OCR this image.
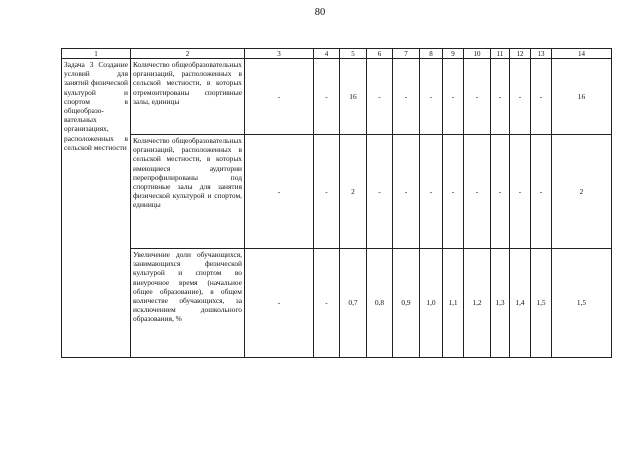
80
1	2	3	4	5	6	7	8	9	10	11	12	13	14
Задача 3 Создание условий для занятий физической культурой и спортом в общеобразо-вательных организациях, расположенных в сельской местности	Количество общеобразовательных организаций, расположенных в сельской местности, в которых отремонтированы спортивные залы, единицы	-	-	16	-	-	-	-	-	-	-	-	16

	Количество общеобразовательных организаций, расположенных в сельской местности, в которых имеющиеся аудитории перепрофилированы под спортивные залы для занятия физической культурой и спортом, единицы	-	-	2	-	-	-	-	-	-	-	-	2

	Увеличение доли обучающихся, занимающихся физической культурой и спортом во внеурочное время (начальное общее образование), в общем количестве обучающихся, за исключением дошкольного образования, %	-	-	0,7	0,8	0,9	1,0	1,1	1,2	1,3	1,4	1,5	1,5
